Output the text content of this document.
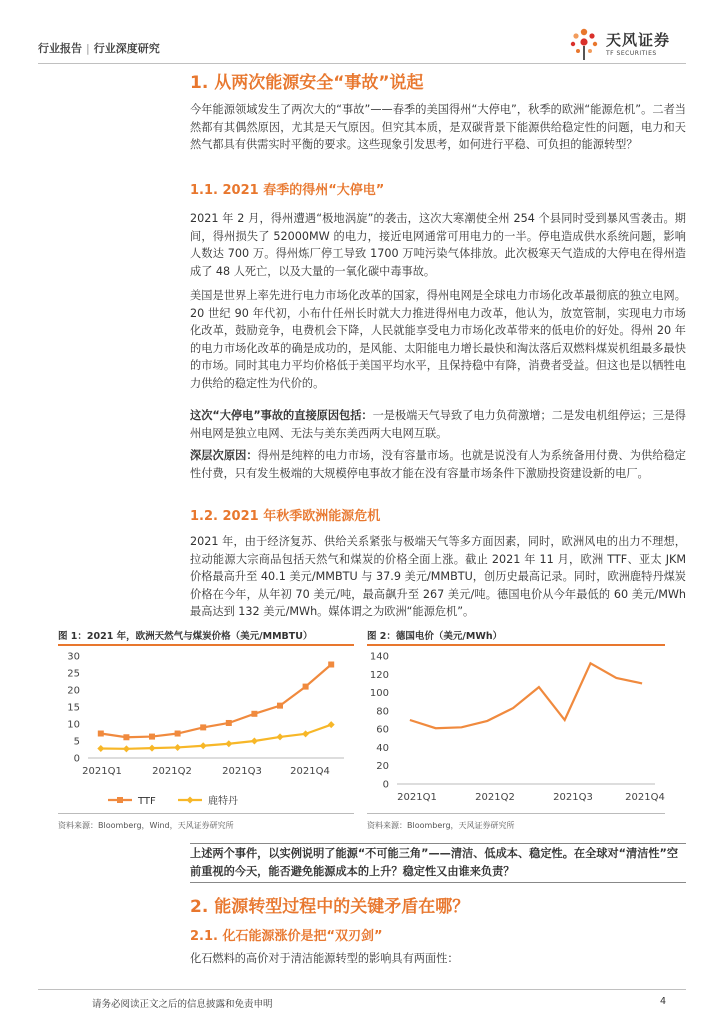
行业报告 | 行业深度研究	天风证券
TF SECURITIES
1. 从两次能源安全“事故”说起
今年能源领域发生了两次大的“事故”——春季的美国得州“大停电”，秋季的欧洲“能源危机”。二者当然都有其偶然原因，尤其是天气原因。但究其本质，是双碳背景下能源供给稳定性的问题，电力和天然气都具有供需实时平衡的要求。这些现象引发思考，如何进行平稳、可负担的能源转型？
1.1. 2021 春季的得州“大停电”
2021 年 2 月，得州遭遇“极地涡旋”的袭击，这次大寒潮使全州 254 个县同时受到暴风雪袭击。期间，得州损失了 52000MW 的电力，接近电网通常可用电力的一半。停电造成供水系统问题，影响人数达 700 万。得州炼厂停工导致 1700 万吨污染气体排放。此次极寒天气造成的大停电在得州造成了 48 人死亡，以及大量的一氧化碳中毒事故。
美国是世界上率先进行电力市场化改革的国家，得州电网是全球电力市场化改革最彻底的独立电网。20 世纪 90 年代初，小布什任州长时就大力推进得州电力改革，他认为，放宽管制，实现电力市场化改革，鼓励竞争，电费机会下降，人民就能享受电力市场化改革带来的低电价的好处。得州 20 年的电力市场化改革的确是成功的，是风能、太阳能电力增长最快和淘汰落后双燃料煤炭机组最多最快的市场。同时其电力平均价格低于美国平均水平，且保持稳中有降，消费者受益。但这也是以牺牲电力供给的稳定性为代价的。
这次“大停电”事故的直接原因包括：一是极端天气导致了电力负荷激增；二是发电机组停运；三是得州电网是独立电网、无法与美东美西两大电网互联。
深层次原因：得州是纯粹的电力市场，没有容量市场。也就是说没有人为系统备用付费、为供给稳定性付费，只有发生极端的大规模停电事故才能在没有容量市场条件下激励投资建设新的电厂。
1.2. 2021 年秋季欧洲能源危机
2021 年，由于经济复苏、供给关系紧张与极端天气等多方面因素，同时，欧洲风电的出力不理想，拉动能源大宗商品包括天然气和煤炭的价格全面上涨。截止 2021 年 11 月，欧洲 TTF、亚太 JKM 价格最高升至 40.1 美元/MMBTU 与 37.9 美元/MMBTU，创历史最高记录。同时，欧洲鹿特丹煤炭价格在今年，从年初 70 美元/吨，最高飙升至 267 美元/吨。德国电价从今年最低的 60 美元/MWh 最高达到 132 美元/MWh。媒体谓之为欧洲“能源危机”。
图 1：2021 年，欧洲天然气与煤炭价格（美元/MMBTU）
0
5
10
15
20
25
30
2021Q1	2021Q2	2021Q3	2021Q4
TTF	鹿特丹
资料来源：Bloomberg，Wind，天风证券研究所
图 2：德国电价（美元/MWh）
0
20
40
60
80
100
120
140
2021Q1	2021Q2	2021Q3	2021Q4
资料来源：Bloomberg，天风证券研究所
上述两个事件，以实例说明了能源“不可能三角”——清洁、低成本、稳定性。在全球对“清洁性”空前重视的今天，能否避免能源成本的上升？稳定性又由谁来负责？
2. 能源转型过程中的关键矛盾在哪？
2.1. 化石能源涨价是把“双刃剑”
化石燃料的高价对于清洁能源转型的影响具有两面性：
请务必阅读正文之后的信息披露和免责申明	4
